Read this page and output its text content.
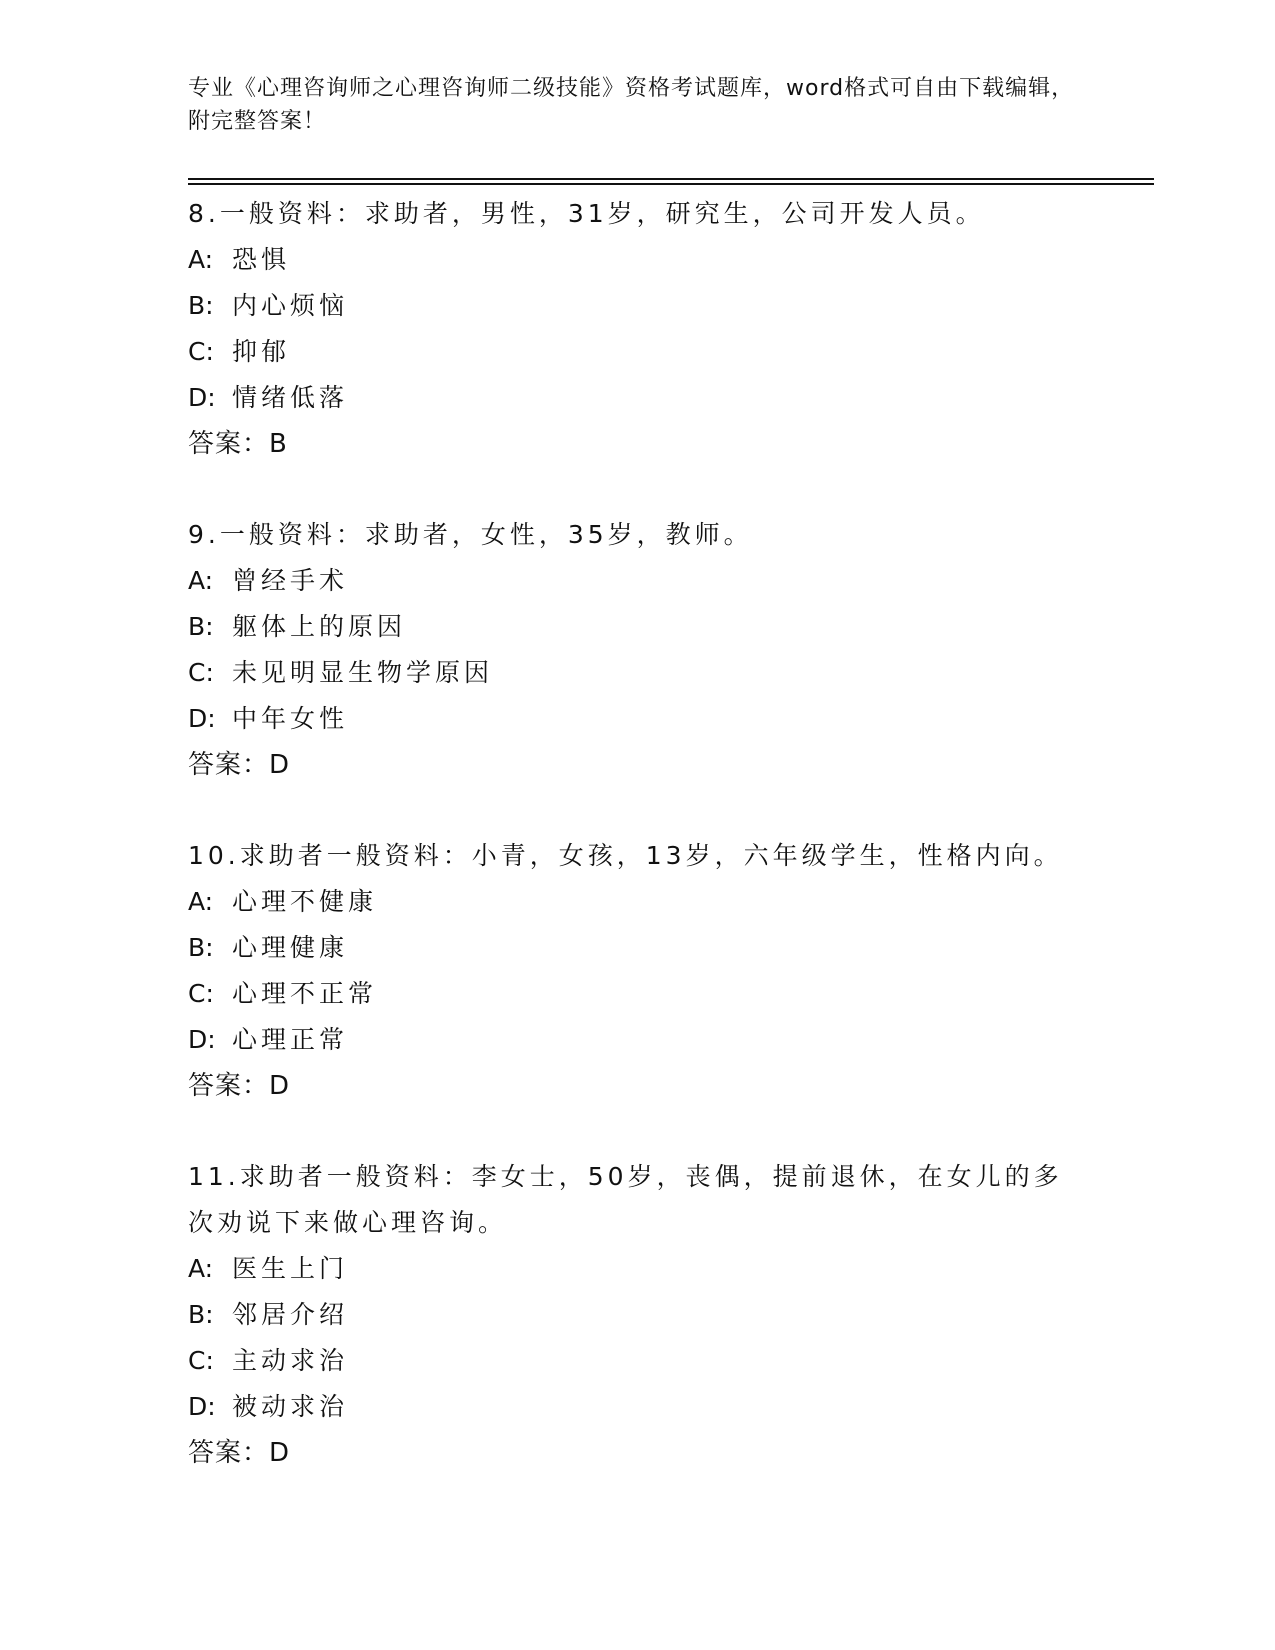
专业《心理咨询师之心理咨询师二级技能》资格考试题库，word格式可自由下载编辑，附完整答案！
8.一般资料：求助者，男性，31岁，研究生，公司开发人员。
A: 恐惧
B: 内心烦恼
C: 抑郁
D: 情绪低落
答案：B
9.一般资料：求助者，女性，35岁，教师。
A: 曾经手术
B: 躯体上的原因
C: 未见明显生物学原因
D: 中年女性
答案：D
10.求助者一般资料：小青，女孩，13岁，六年级学生，性格内向。
A: 心理不健康
B: 心理健康
C: 心理不正常
D: 心理正常
答案：D
11.求助者一般资料：李女士，50岁，丧偶，提前退休，在女儿的多次劝说下来做心理咨询。
A: 医生上门
B: 邻居介绍
C: 主动求治
D: 被动求治
答案：D
